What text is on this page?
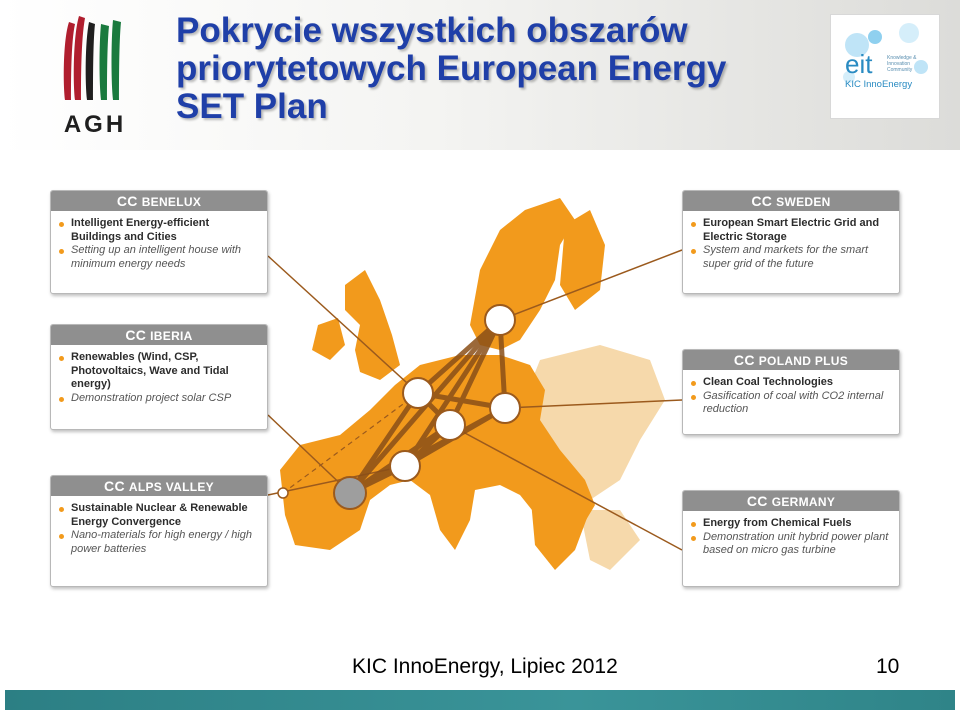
AGH
Pokrycie wszystkich obszarów
priorytetowych European Energy
SET Plan
eit	Knowledge &
Innovation
Community
KIC InnoEnergy
CC BENELUX
Intelligent Energy-efficient Buildings and Cities
Setting up an intelligent house with minimum energy needs
CC IBERIA
Renewables (Wind, CSP, Photovoltaics, Wave and Tidal energy)
Demonstration project solar CSP
CC ALPS VALLEY
Sustainable Nuclear & Renewable Energy Convergence
Nano-materials for high energy / high power batteries
CC SWEDEN
European Smart Electric Grid and Electric Storage
System and markets for the smart super grid of the future
CC POLAND PLUS
Clean Coal Technologies
Gasification of coal with CO2 internal reduction
CC GERMANY
Energy from Chemical Fuels
Demonstration unit hybrid power plant based on micro gas turbine
KIC InnoEnergy, Lipiec 2012	10
